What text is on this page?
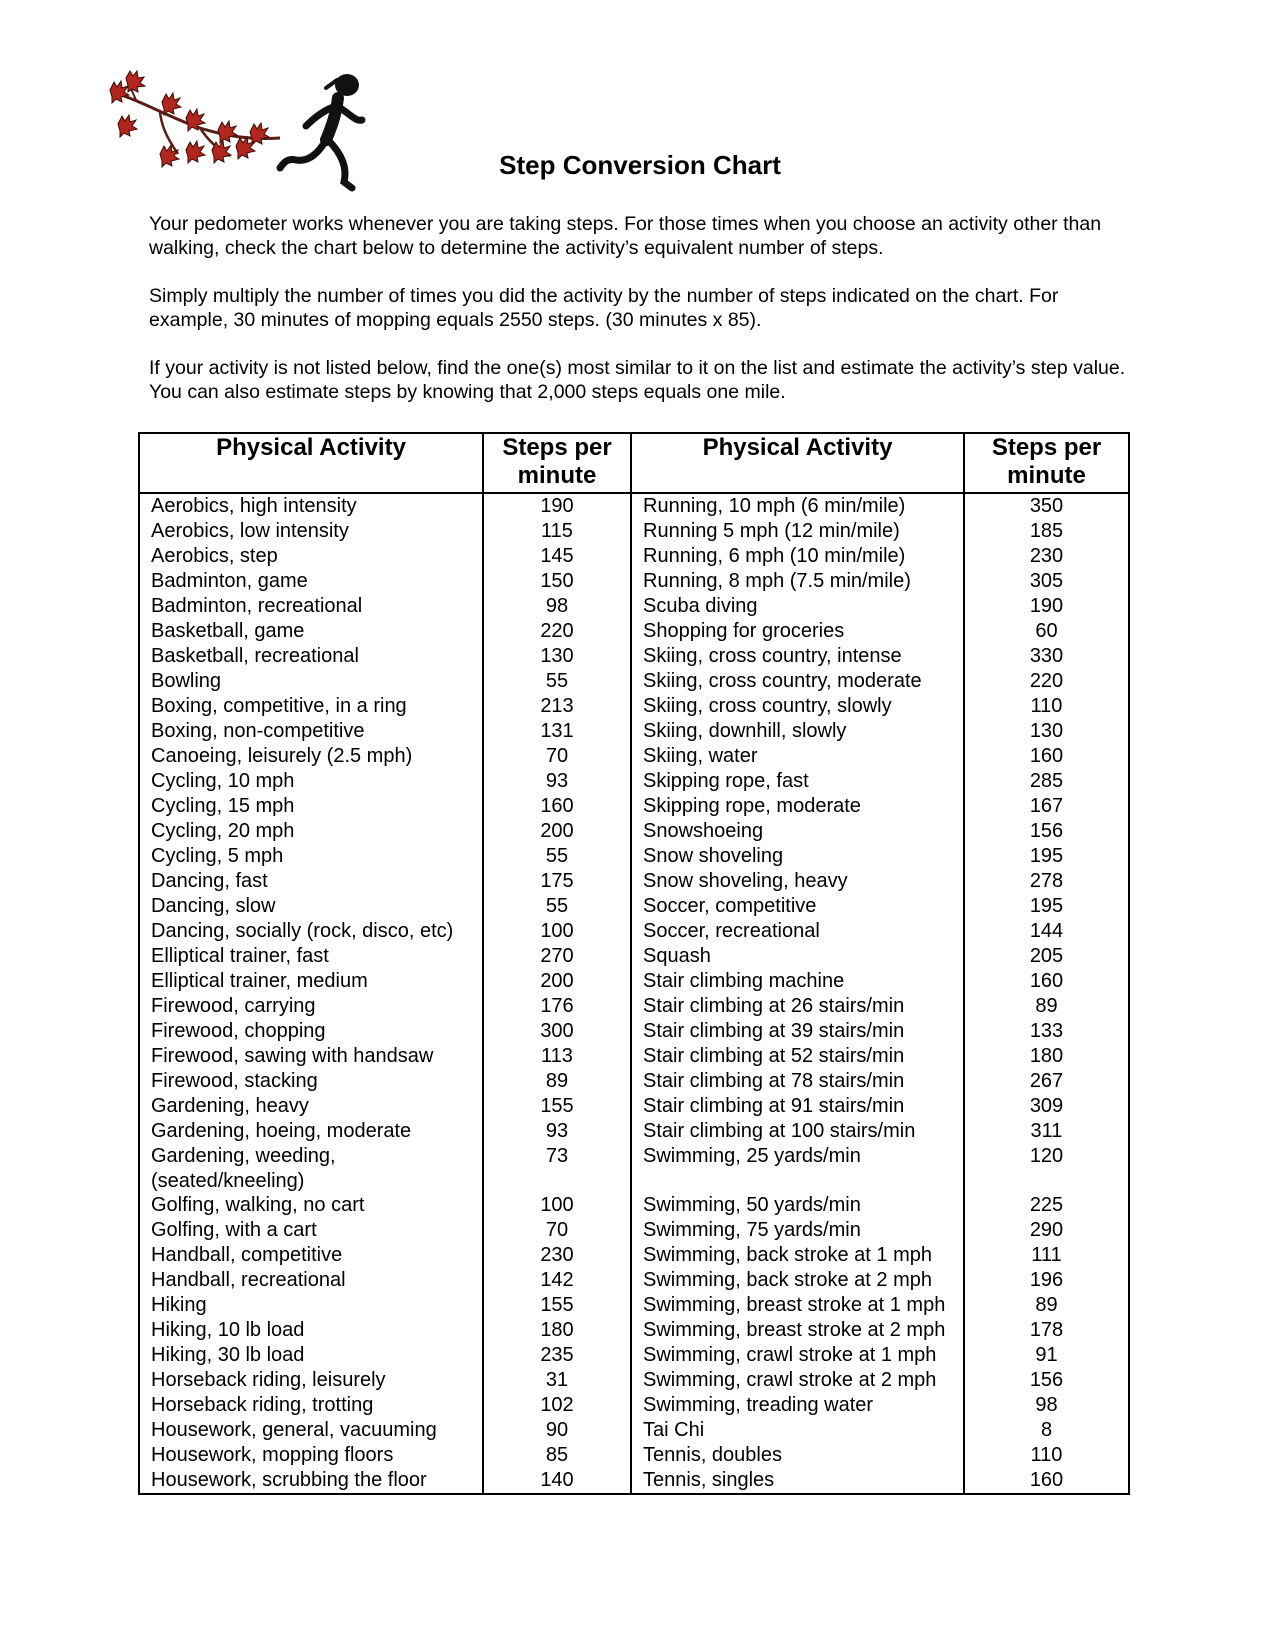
Step Conversion Chart

Your pedometer works whenever you are taking steps. For those times when you choose an activity other than walking, check the chart below to determine the activity’s equivalent number of steps.

Simply multiply the number of times you did the activity by the number of steps indicated on the chart. For example, 30 minutes of mopping equals 2550 steps. (30 minutes x 85).

If your activity is not listed below, find the one(s) most similar to it on the list and estimate the activity’s step value. You can also estimate steps by knowing that 2,000 steps equals one mile.

Physical Activity	Steps per minute	Physical Activity	Steps per minute
Aerobics, high intensity	190	Running, 10 mph (6 min/mile)	350
Aerobics, low intensity	115	Running 5 mph (12 min/mile)	185
Aerobics, step	145	Running, 6 mph (10 min/mile)	230
Badminton, game	150	Running, 8 mph (7.5 min/mile)	305
Badminton, recreational	98	Scuba diving	190
Basketball, game	220	Shopping for groceries	60
Basketball, recreational	130	Skiing, cross country, intense	330
Bowling	55	Skiing, cross country, moderate	220
Boxing, competitive, in a ring	213	Skiing, cross country, slowly	110
Boxing, non-competitive	131	Skiing, downhill, slowly	130
Canoeing, leisurely (2.5 mph)	70	Skiing, water	160
Cycling, 10 mph	93	Skipping rope, fast	285
Cycling, 15 mph	160	Skipping rope, moderate	167
Cycling, 20 mph	200	Snowshoeing	156
Cycling, 5 mph	55	Snow shoveling	195
Dancing, fast	175	Snow shoveling, heavy	278
Dancing, slow	55	Soccer, competitive	195
Dancing, socially (rock, disco, etc)	100	Soccer, recreational	144
Elliptical trainer, fast	270	Squash	205
Elliptical trainer, medium	200	Stair climbing machine	160
Firewood, carrying	176	Stair climbing at 26 stairs/min	89
Firewood, chopping	300	Stair climbing at 39 stairs/min	133
Firewood, sawing with handsaw	113	Stair climbing at 52 stairs/min	180
Firewood, stacking	89	Stair climbing at 78 stairs/min	267
Gardening, heavy	155	Stair climbing at 91 stairs/min	309
Gardening, hoeing, moderate	93	Stair climbing at 100 stairs/min	311
Gardening, weeding, (seated/kneeling)	73	Swimming, 25 yards/min	120
Golfing, walking, no cart	100	Swimming, 50 yards/min	225
Golfing, with a cart	70	Swimming, 75 yards/min	290
Handball, competitive	230	Swimming, back stroke at 1 mph	111
Handball, recreational	142	Swimming, back stroke at 2 mph	196
Hiking	155	Swimming, breast stroke at 1 mph	89
Hiking, 10 lb load	180	Swimming, breast stroke at 2 mph	178
Hiking, 30 lb load	235	Swimming, crawl stroke at 1 mph	91
Horseback riding, leisurely	31	Swimming, crawl stroke at 2 mph	156
Horseback riding, trotting	102	Swimming, treading water	98
Housework, general, vacuuming	90	Tai Chi	8
Housework, mopping floors	85	Tennis, doubles	110
Housework, scrubbing the floor	140	Tennis, singles	160
